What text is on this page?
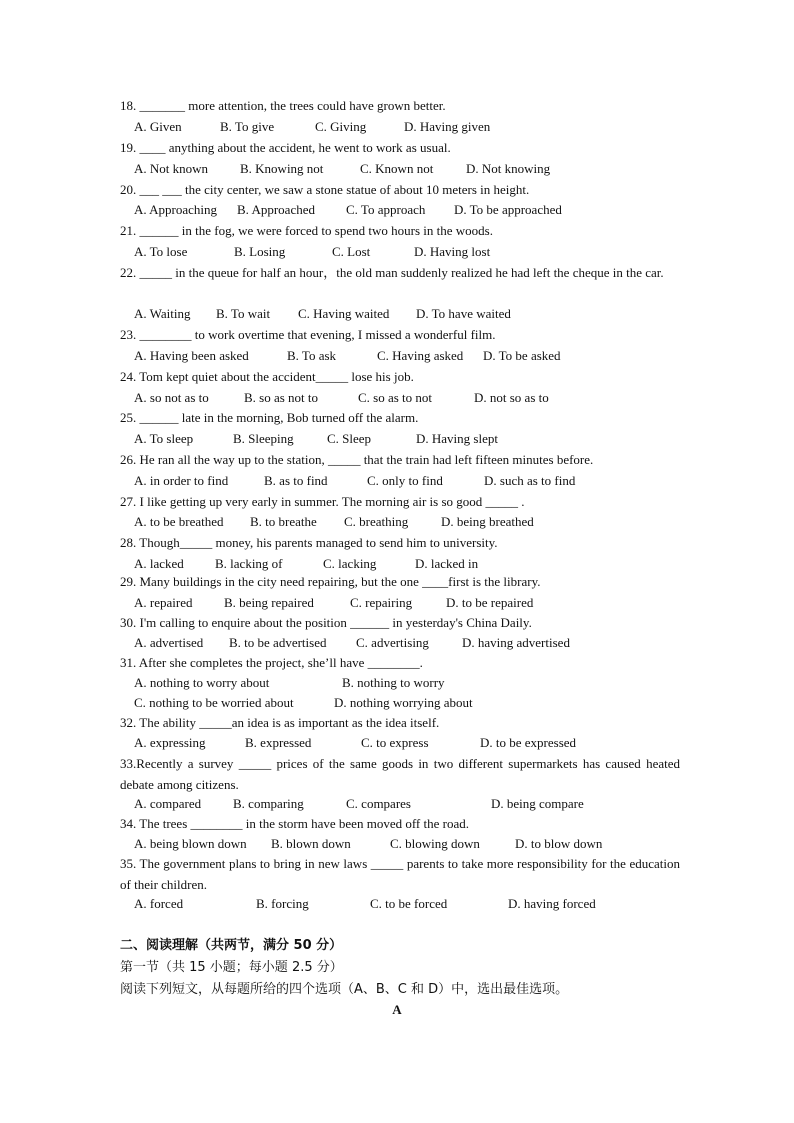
18. _______ more attention, the trees could have grown better.
A. Given	B. To give	C. Giving	D. Having given
19. ____ anything about the accident, he went to work as usual.
A. Not known B. Knowing not	C. Known not	D. Not knowing
20. ___ ___ the city center, we saw a stone statue of about 10 meters in height.
A. Approaching B. Approached C. To approach D. To be approached
21. ______ in the fog, we were forced to spend two hours in the woods.
A. To lose	B. Losing	C. Lost	D. Having lost
22. _____ in the queue for half an hour，the old man suddenly realized he had left the cheque in the car.
A. Waiting B. To wait C. Having waited D. To have waited
23. ________ to work overtime that evening, I missed a wonderful film.
A. Having been asked	B. To ask	C. Having asked D. To be asked
24. Tom kept quiet about the accident_____ lose his job.
A. so not as to	B. so as not to	C. so as to not	D. not so as to
25. ______ late in the morning, Bob turned off the alarm.
A. To sleep	B. Sleeping	C. Sleep	D. Having slept
26. He ran all the way up to the station, _____ that the train had left fifteen minutes before.
A. in order to find	B. as to find	C. only to find	D. such as to find
27. I like getting up very early in summer. The morning air is so good _____ .
A. to be breathed B. to breathe C. breathing	D. being breathed
28. Though_____ money, his parents managed to send him to university.
A. lacked B. lacking of	C. lacking	D. lacked in
29. Many buildings in the city need repairing, but the one ____first is the library.
A. repaired B. being repaired	C. repairing	D. to be repaired
30. I'm calling to enquire about the position ______ in yesterday's China Daily.
A. advertised B. to be advertised C. advertising	D. having advertised
31. After she completes the project, she’ll have ________.
A. nothing to worry about	B. nothing to worry
C. nothing to be worried about	D. nothing worrying about
32. The ability _____an idea is as important as the idea itself.
A. expressing	B. expressed	C. to express	D. to be expressed
33.Recently a survey _____ prices of the same goods in two different supermarkets has caused heated debate among citizens.
A. compared B. comparing	C. compares	D. being compare
34. The trees ________ in the storm have been moved off the road.
A. being blown down B. blown down	C. blowing down	D. to blow down
35. The government plans to bring in new laws _____ parents to take more responsibility for the education of their children.
A. forced	B. forcing	C. to be forced	D. having forced
二、阅读理解（共两节，满分 50 分）
第一节（共 15 小题；每小题 2.5 分）
阅读下列短文，从每题所给的四个选项（A、B、C 和 D）中，选出最佳选项。
A
